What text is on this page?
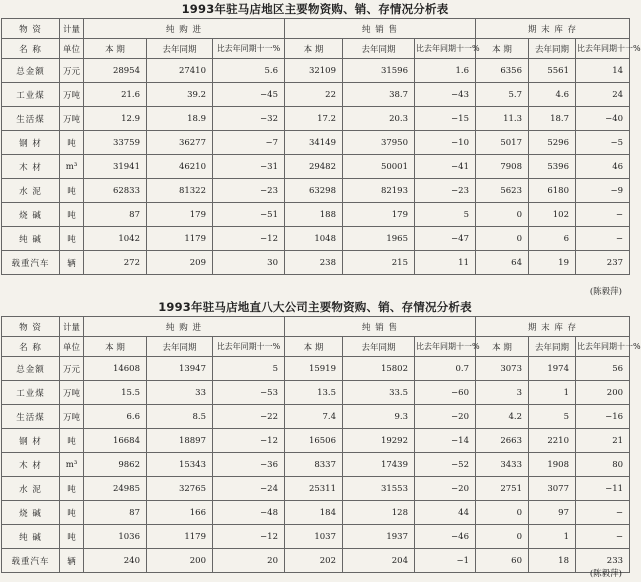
1993年驻马店地区主要物资购、销、存情况分析表
物 资	计量	纯 购 进			纯 销 售			期 末 库 存		
名 称	单位	本 期	去年同期	比去年同期十一%	本 期	去年同期	比去年同期十一%	本 期	去年同期	比去年同期十一%
总金额	万元	28954	27410	5.6	32109	31596	1.6	6356	5561	14
工业煤	万吨	21.6	39.2	−45	22	38.7	−43	5.7	4.6	24
生活煤	万吨	12.9	18.9	−32	17.2	20.3	−15	11.3	18.7	−40
钢 材	吨	33759	36277	−7	34149	37950	−10	5017	5296	−5
木 材	m³	31941	46210	−31	29482	50001	−41	7908	5396	46
水 泥	吨	62833	81322	−23	63298	82193	−23	5623	6180	−9
烧 碱	吨	87	179	−51	188	179	5	0	102	−
纯 碱	吨	1042	1179	−12	1048	1965	−47	0	6	−
载重汽车	辆	272	209	30	238	215	11	64	19	237
(陈毅萍)
1993年驻马店地直八大公司主要物资购、销、存情况分析表
物 资	计量	纯 购 进			纯 销 售			期 末 库 存		
名 称	单位	本 期	去年同期	比去年同期十一%	本 期	去年同期	比去年同期十一%	本 期	去年同期	比去年同期十一%
总金额	万元	14608	13947	5	15919	15802	0.7	3073	1974	56
工业煤	万吨	15.5	33	−53	13.5	33.5	−60	3	1	200
生活煤	万吨	6.6	8.5	−22	7.4	9.3	−20	4.2	5	−16
钢 材	吨	16684	18897	−12	16506	19292	−14	2663	2210	21
木 材	m³	9862	15343	−36	8337	17439	−52	3433	1908	80
水 泥	吨	24985	32765	−24	25311	31553	−20	2751	3077	−11
烧 碱	吨	87	166	−48	184	128	44	0	97	−
纯 碱	吨	1036	1179	−12	1037	1937	−46	0	1	−
载重汽车	辆	240	200	20	202	204	−1	60	18	233
(陈毅萍)
